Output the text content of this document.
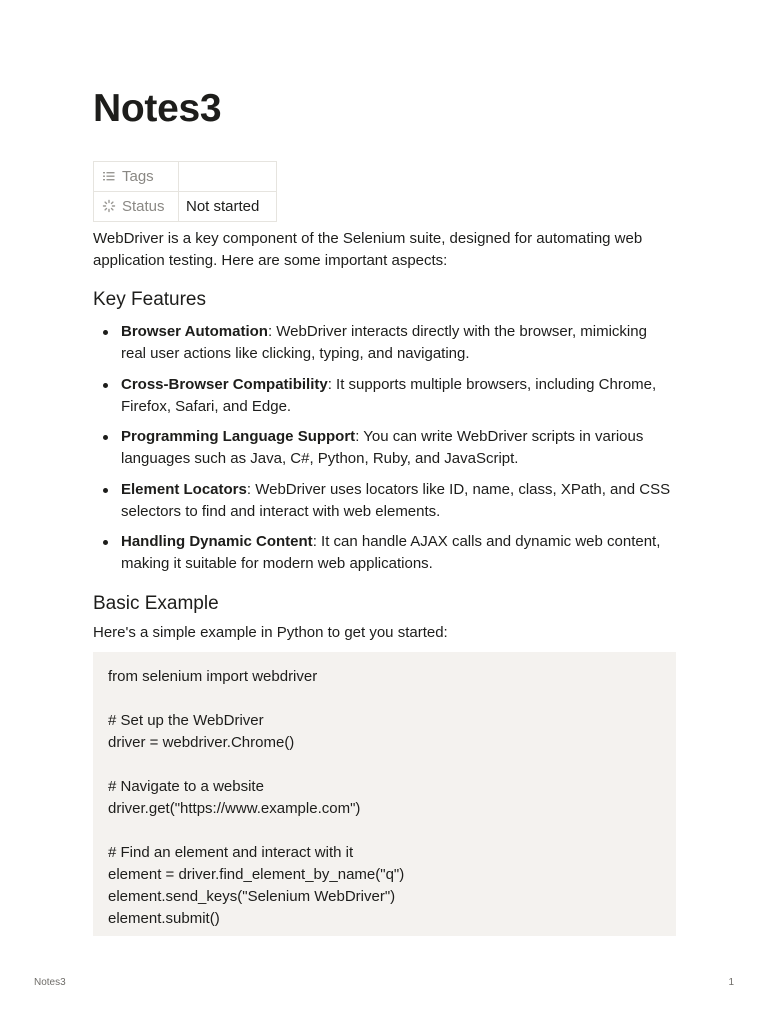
Notes3
Tags	
Status	Not started

WebDriver is a key component of the Selenium suite, designed for automating web application testing. Here are some important aspects:

Key Features
Browser Automation: WebDriver interacts directly with the browser, mimicking real user actions like clicking, typing, and navigating.
Cross-Browser Compatibility: It supports multiple browsers, including Chrome, Firefox, Safari, and Edge.
Programming Language Support: You can write WebDriver scripts in various languages such as Java, C#, Python, Ruby, and JavaScript.
Element Locators: WebDriver uses locators like ID, name, class, XPath, and CSS selectors to find and interact with web elements.
Handling Dynamic Content: It can handle AJAX calls and dynamic web content, making it suitable for modern web applications.
Basic Example

Here's a simple example in Python to get you started:

from selenium import webdriver
# Set up the WebDriver
driver = webdriver.Chrome()
# Navigate to a website
driver.get("https://www.example.com")
# Find an element and interact with it
element = driver.find_element_by_name("q")
element.send_keys("Selenium WebDriver")
element.submit()
Notes3	1
